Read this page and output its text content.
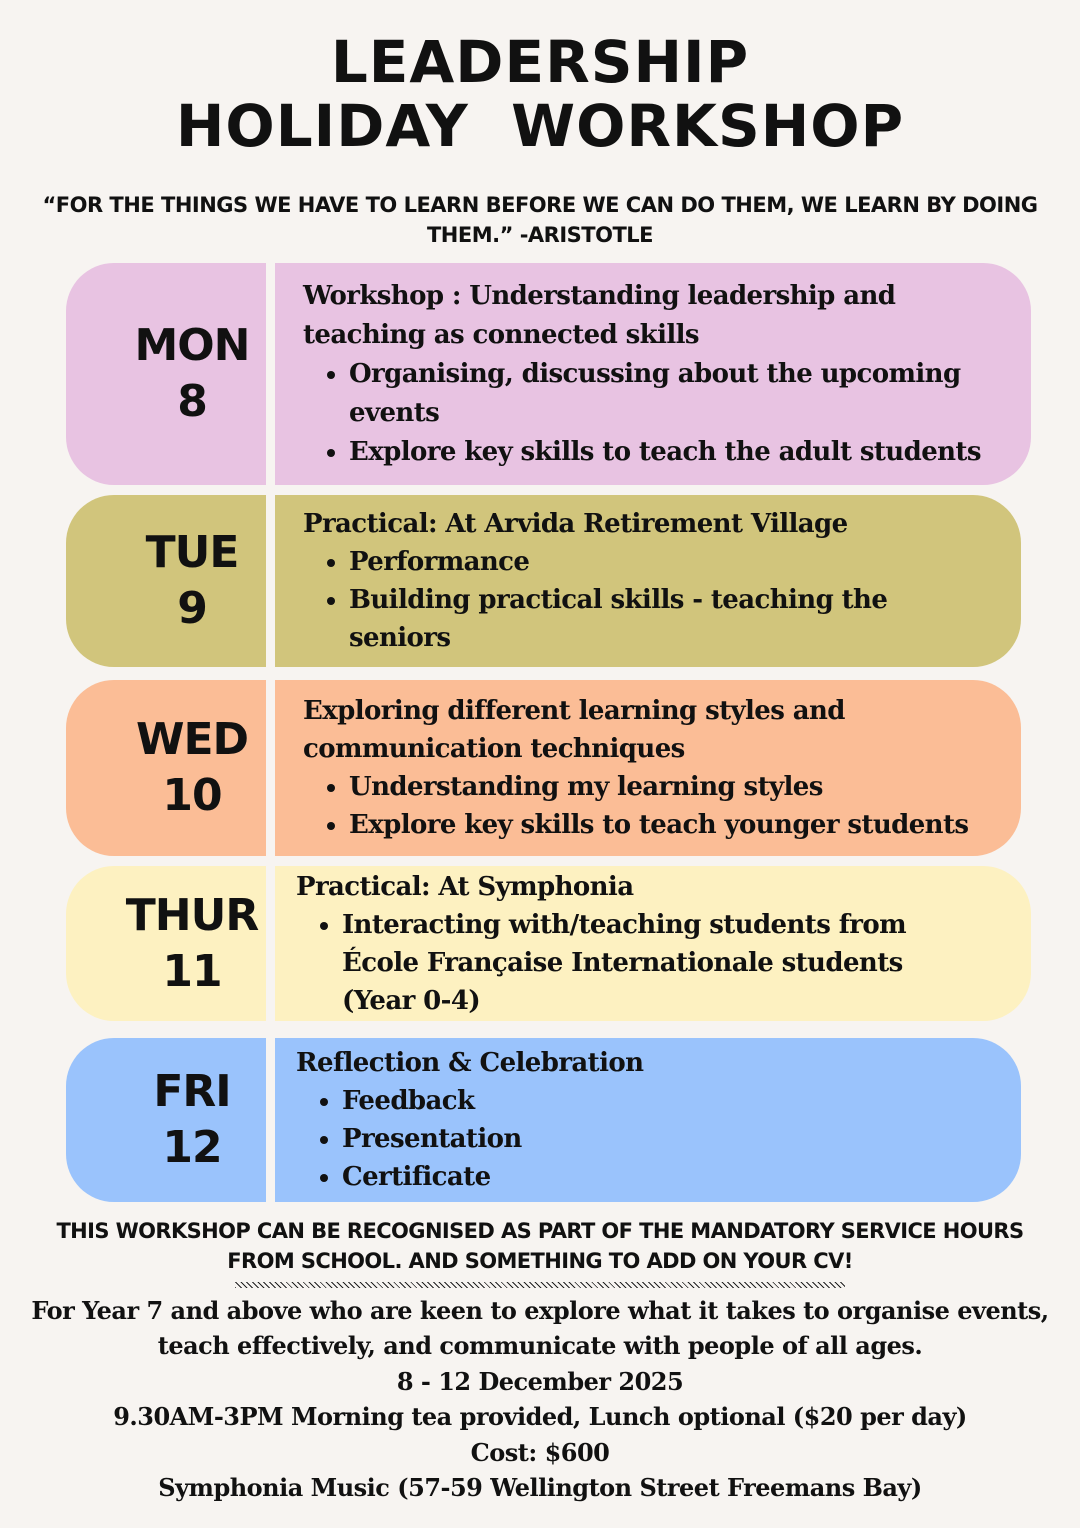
LEADERSHIP
HOLIDAY  WORKSHOP
“FOR THE THINGS WE HAVE TO LEARN BEFORE WE CAN DO THEM, WE LEARN BY DOING THEM.” -ARISTOTLE
MON
8

Workshop : Understanding leadership and teaching as connected skills

• Organising, discussing about the upcoming events
• Explore key skills to teach the adult students
TUE
9

Practical: At Arvida Retirement Village

• Performance
• Building practical skills - teaching the seniors
WED
10

Exploring different learning styles and communication techniques

• Understanding my learning styles
• Explore key skills to teach younger students
THUR
11

Practical: At Symphonia

• Interacting with/teaching students from École Française Internationale students (Year 0-4)
FRI
12

Reflection & Celebration

• Feedback
• Presentation
• Certificate
THIS WORKSHOP CAN BE RECOGNISED AS PART OF THE MANDATORY SERVICE HOURS FROM SCHOOL. AND SOMETHING TO ADD ON YOUR CV!
For Year 7 and above who are keen to explore what it takes to organise events, teach effectively, and communicate with people of all ages.
8 - 12 December 2025
9.30AM-3PM Morning tea provided, Lunch optional ($20 per day)
Cost: $600
Symphonia Music (57-59 Wellington Street Freemans Bay)
